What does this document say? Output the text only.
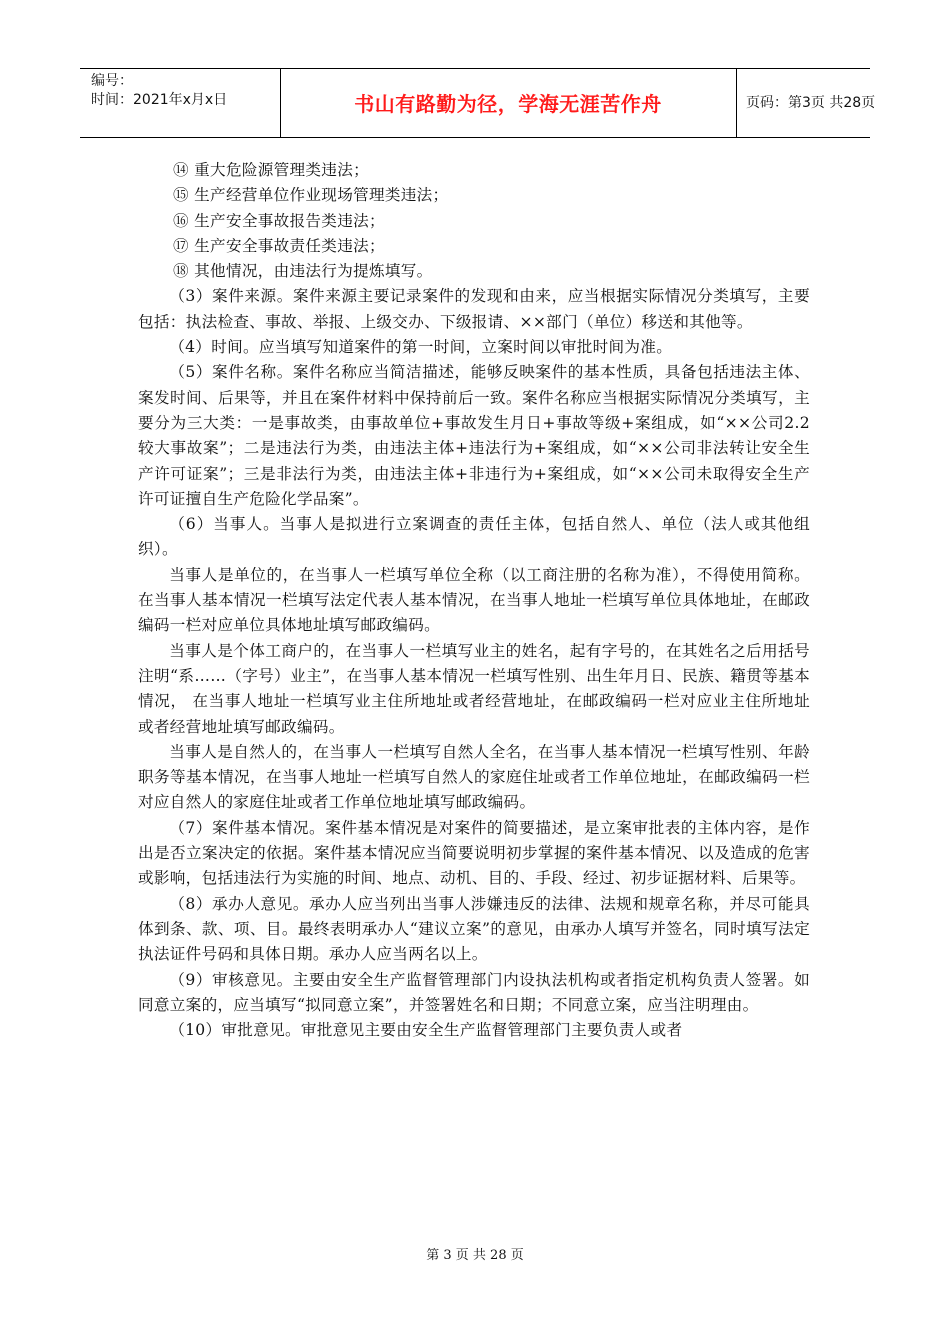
编号：
时间：2021年x月x日	书山有路勤为径，学海无涯苦作舟	页码：第3页 共28页

⑭ 重大危险源管理类违法；

⑮ 生产经营单位作业现场管理类违法；

⑯ 生产安全事故报告类违法；

⑰ 生产安全事故责任类违法；

⑱ 其他情况，由违法行为提炼填写。

（3）案件来源。案件来源主要记录案件的发现和由来，应当根据实际情况分类填写，主要包括：执法检查、事故、举报、上级交办、下级报请、××部门（单位）移送和其他等。

（4）时间。应当填写知道案件的第一时间，立案时间以审批时间为准。

（5）案件名称。案件名称应当简洁描述，能够反映案件的基本性质，具备包括违法主体、案发时间、后果等，并且在案件材料中保持前后一致。案件名称应当根据实际情况分类填写，主要分为三大类：一是事故类，由事故单位+事故发生月日+事故等级+案组成，如“××公司2.2较大事故案”；二是违法行为类，由违法主体+违法行为+案组成，如“××公司非法转让安全生产许可证案”；三是非法行为类，由违法主体+非违行为+案组成，如“××公司未取得安全生产许可证擅自生产危险化学品案”。

（6）当事人。当事人是拟进行立案调查的责任主体，包括自然人、单位（法人或其他组织）。

当事人是单位的，在当事人一栏填写单位全称（以工商注册的名称为准），不得使用简称。在当事人基本情况一栏填写法定代表人基本情况，在当事人地址一栏填写单位具体地址，在邮政编码一栏对应单位具体地址填写邮政编码。

当事人是个体工商户的，在当事人一栏填写业主的姓名，起有字号的，在其姓名之后用括号注明“系……（字号）业主”，在当事人基本情况一栏填写性别、出生年月日、民族、籍贯等基本情况， 在当事人地址一栏填写业主住所地址或者经营地址，在邮政编码一栏对应业主住所地址或者经营地址填写邮政编码。

当事人是自然人的，在当事人一栏填写自然人全名，在当事人基本情况一栏填写性别、年龄职务等基本情况，在当事人地址一栏填写自然人的家庭住址或者工作单位地址，在邮政编码一栏对应自然人的家庭住址或者工作单位地址填写邮政编码。

（7）案件基本情况。案件基本情况是对案件的简要描述，是立案审批表的主体内容，是作出是否立案决定的依据。案件基本情况应当简要说明初步掌握的案件基本情况、以及造成的危害或影响，包括违法行为实施的时间、地点、动机、目的、手段、经过、初步证据材料、后果等。

（8）承办人意见。承办人应当列出当事人涉嫌违反的法律、法规和规章名称，并尽可能具体到条、款、项、目。最终表明承办人“建议立案”的意见，由承办人填写并签名，同时填写法定执法证件号码和具体日期。承办人应当两名以上。

（9）审核意见。主要由安全生产监督管理部门内设执法机构或者指定机构负责人签署。如同意立案的，应当填写“拟同意立案”，并签署姓名和日期；不同意立案，应当注明理由。

（10）审批意见。审批意见主要由安全生产监督管理部门主要负责人或者

第 3 页 共 28 页
